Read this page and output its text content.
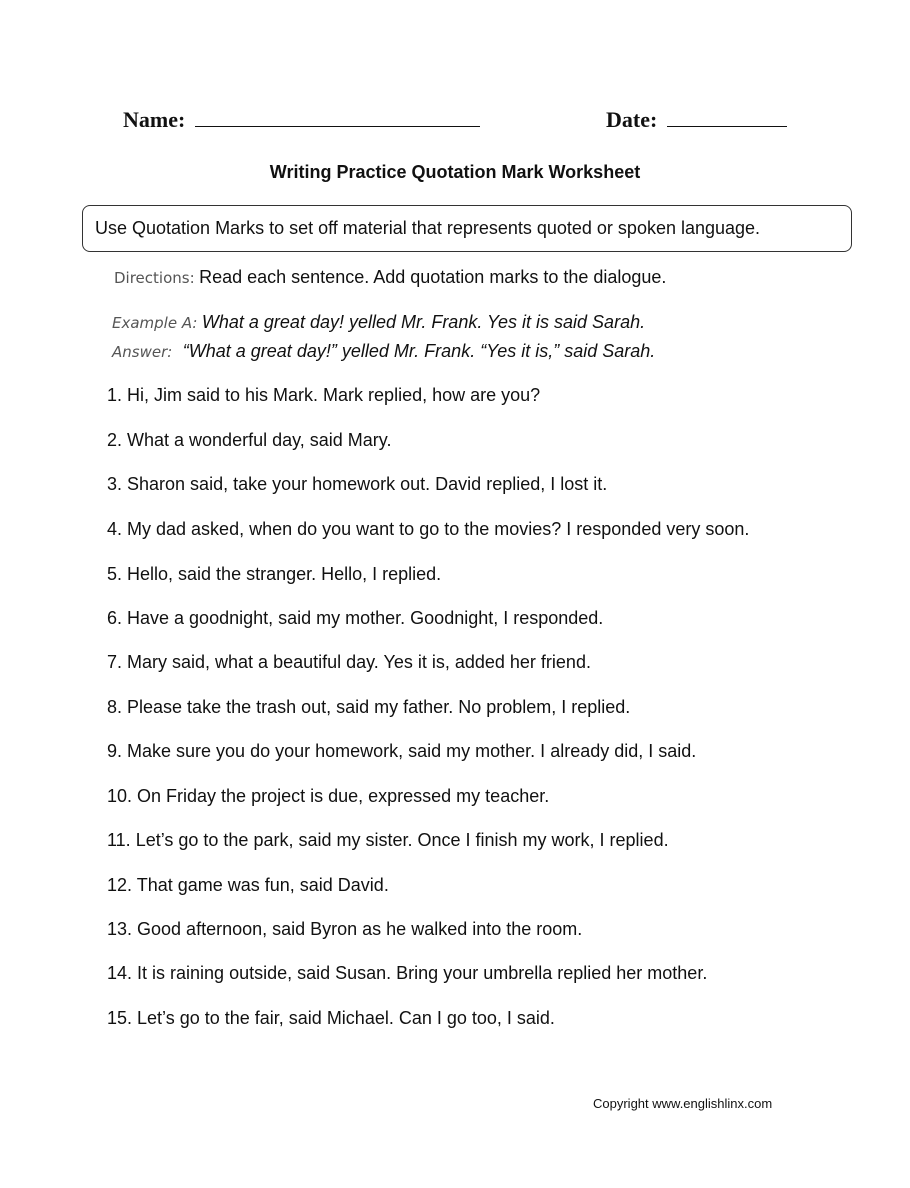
Name:	Date:
Writing Practice Quotation Mark Worksheet
Use Quotation Marks to set off material that represents quoted or spoken language.
Directions: Read each sentence. Add quotation marks to the dialogue.
Example A: What a great day! yelled Mr. Frank. Yes it is said Sarah.
Answer: “What a great day!” yelled Mr. Frank. “Yes it is,” said Sarah.
1. Hi, Jim said to his Mark. Mark replied, how are you?
2. What a wonderful day, said Mary.
3. Sharon said, take your homework out. David replied, I lost it.
4. My dad asked, when do you want to go to the movies? I responded very soon.
5. Hello, said the stranger. Hello, I replied.
6. Have a goodnight, said my mother. Goodnight, I responded.
7. Mary said, what a beautiful day. Yes it is, added her friend.
8. Please take the trash out, said my father. No problem, I replied.
9. Make sure you do your homework, said my mother. I already did, I said.
10. On Friday the project is due, expressed my teacher.
11. Let’s go to the park, said my sister. Once I finish my work, I replied.
12. That game was fun, said David.
13. Good afternoon, said Byron as he walked into the room.
14. It is raining outside, said Susan. Bring your umbrella replied her mother.
15. Let’s go to the fair, said Michael. Can I go too, I said.
Copyright www.englishlinx.com
